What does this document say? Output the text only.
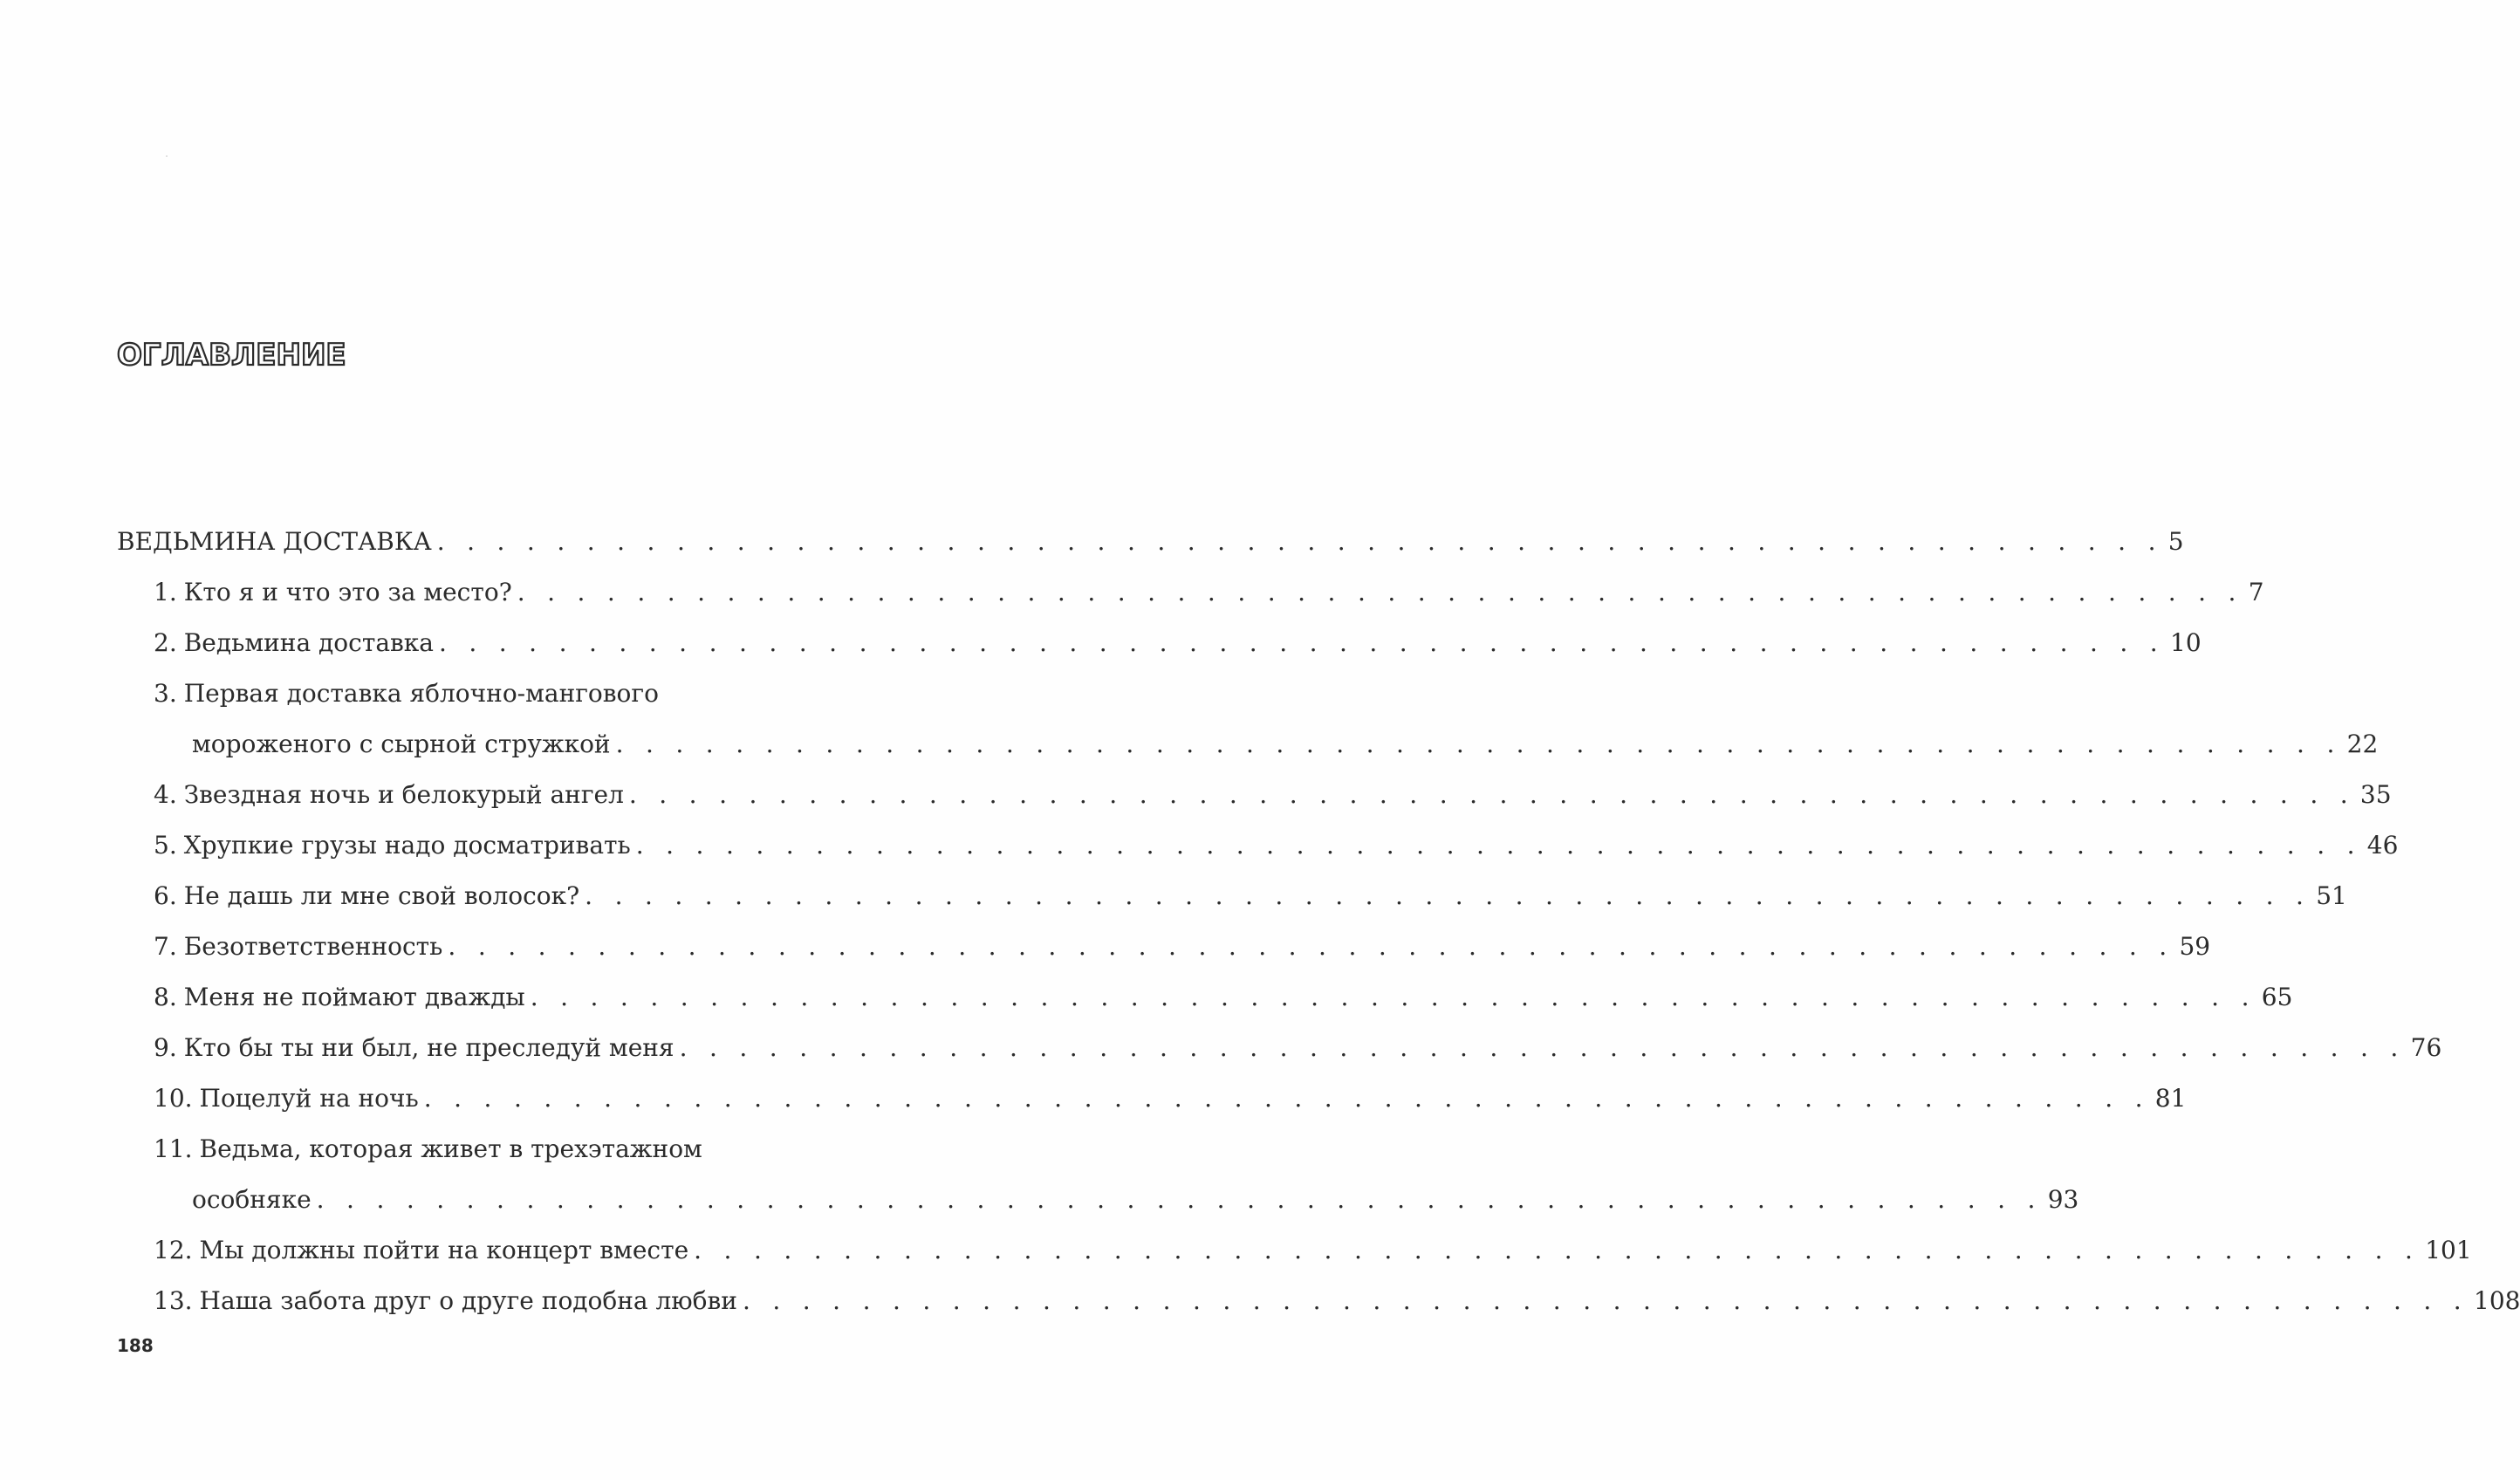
ОГЛАВЛЕНИЕ
ВЕДЬМИНА ДОСТАВКА . . . . . . . . . . . . . . . . . . . . . . . . . . . . . . . . . . . . . . . . . . . . . . . . . . . . . . . . . . 5
1. Кто я и что это за место? . . . . . . . . . . . . . . . . . . . . . . . . . . . . . . . . . . . . . . . . . . . . . . . . . . . . . . . . . . 7
2. Ведьмина доставка . . . . . . . . . . . . . . . . . . . . . . . . . . . . . . . . . . . . . . . . . . . . . . . . . . . . . . . . . . 10
3. Первая доставка яблочно-мангового
мороженого с сырной стружкой . . . . . . . . . . . . . . . . . . . . . . . . . . . . . . . . . . . . . . . . . . . . . . . . . . . . . . . . . . 22
4. Звездная ночь и белокурый ангел . . . . . . . . . . . . . . . . . . . . . . . . . . . . . . . . . . . . . . . . . . . . . . . . . . . . . . . . . . 35
5. Хрупкие грузы надо досматривать . . . . . . . . . . . . . . . . . . . . . . . . . . . . . . . . . . . . . . . . . . . . . . . . . . . . . . . . . . 46
6. Не дашь ли мне свой волосок? . . . . . . . . . . . . . . . . . . . . . . . . . . . . . . . . . . . . . . . . . . . . . . . . . . . . . . . . . . 51
7. Безответственность . . . . . . . . . . . . . . . . . . . . . . . . . . . . . . . . . . . . . . . . . . . . . . . . . . . . . . . . . . 59
8. Меня не поймают дважды . . . . . . . . . . . . . . . . . . . . . . . . . . . . . . . . . . . . . . . . . . . . . . . . . . . . . . . . . . 65
9. Кто бы ты ни был, не преследуй меня . . . . . . . . . . . . . . . . . . . . . . . . . . . . . . . . . . . . . . . . . . . . . . . . . . . . . . . . . . 76
10. Поцелуй на ночь . . . . . . . . . . . . . . . . . . . . . . . . . . . . . . . . . . . . . . . . . . . . . . . . . . . . . . . . . . 81
11. Ведьма, которая живет в трехэтажном
особняке . . . . . . . . . . . . . . . . . . . . . . . . . . . . . . . . . . . . . . . . . . . . . . . . . . . . . . . . . . 93
12. Мы должны пойти на концерт вместе . . . . . . . . . . . . . . . . . . . . . . . . . . . . . . . . . . . . . . . . . . . . . . . . . . . . . . . . . . 101
13. Наша забота друг о друге подобна любви . . . . . . . . . . . . . . . . . . . . . . . . . . . . . . . . . . . . . . . . . . . . . . . . . . . . . . . . . . 108
188
